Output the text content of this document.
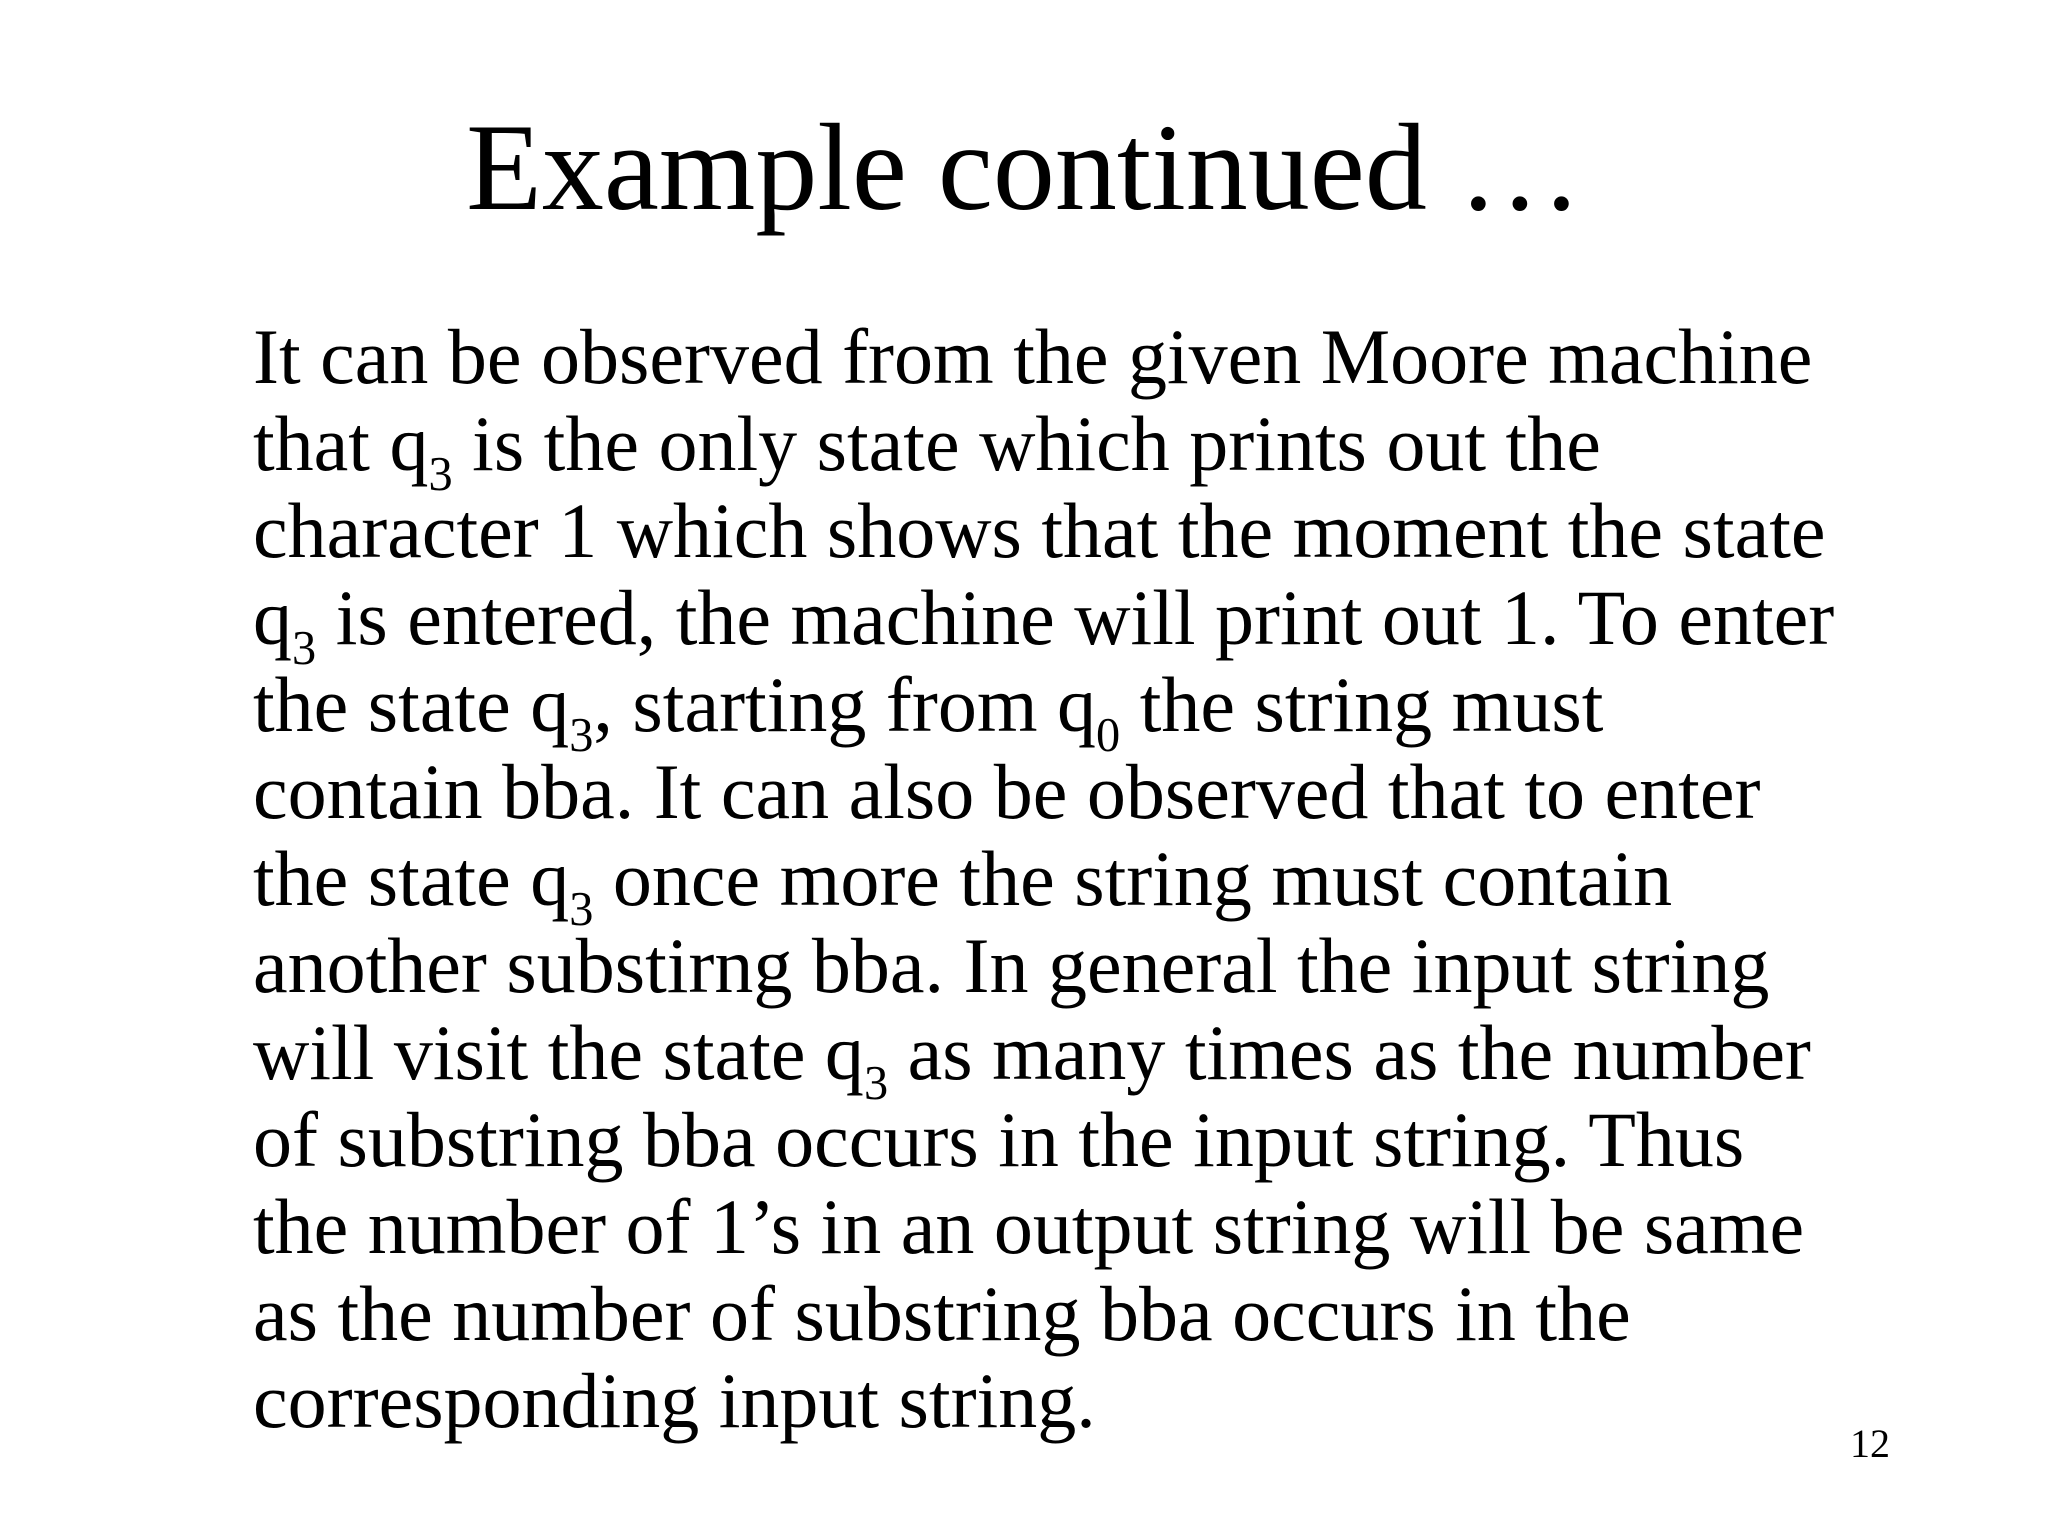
Example continued …
It can be observed from the given Moore machine
that $q_3$ is the only state which prints out the
character 1 which shows that the moment the state
$q_3$ is entered, the machine will print out 1. To enter
the state $q_3$, starting from $q_0$ the string must
contain bba. It can also be observed that to enter
the state $q_3$ once more the string must contain
another substirng bba. In general the input string
will visit the state $q_3$ as many times as the number
of substring bba occurs in the input string. Thus
the number of 1’s in an output string will be same
as the number of substring bba occurs in the
corresponding input string.	12
